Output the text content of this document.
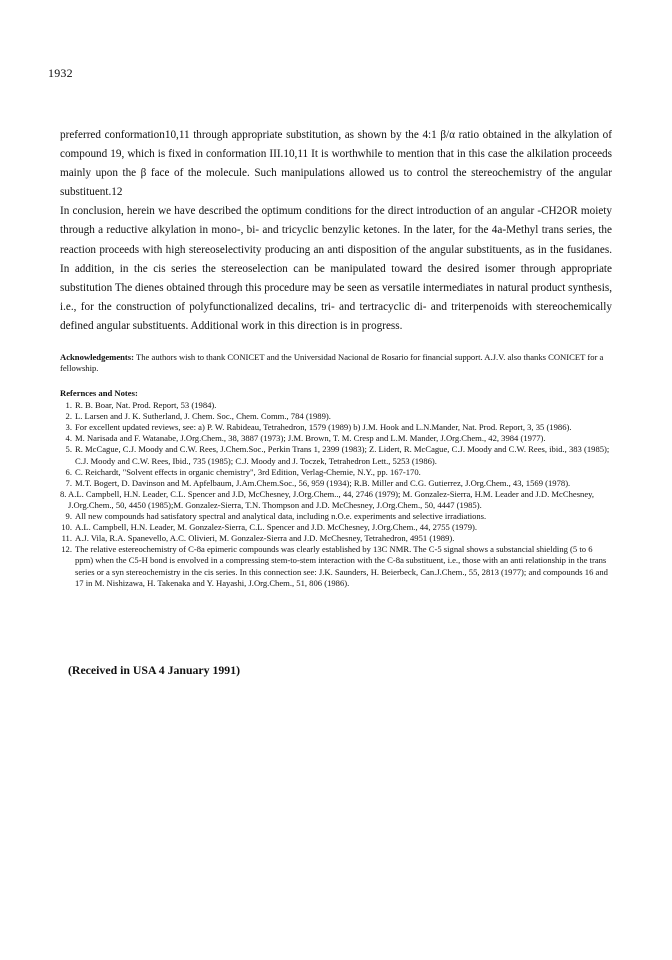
1932

preferred conformation10,11 through appropriate substitution, as shown by the 4:1 β/α ratio obtained in the alkylation of compound 19, which is fixed in conformation III.10,11 It is worthwhile to mention that in this case the alkilation proceeds mainly upon the β face of the molecule. Such manipulations allowed us to control the stereochemistry of the angular substituent.12

In conclusion, herein we have described the optimum conditions for the direct introduction of an angular -CH2OR moiety through a reductive alkylation in mono-, bi- and tricyclic benzylic ketones. In the later, for the 4a-Methyl trans series, the reaction proceeds with high stereoselectivity producing an anti disposition of the angular substituents, as in the fusidanes. In addition, in the cis series the stereoselection can be manipulated toward the desired isomer through appropriate substitution The dienes obtained through this procedure may be seen as versatile intermediates in natural product synthesis, i.e., for the construction of polyfunctionalized decalins, tri- and tertracyclic di- and triterpenoids with stereochemically defined angular substituents. Additional work in this direction is in progress.

Acknowledgements: The authors wish to thank CONICET and the Universidad Nacional de Rosario for financial support. A.J.V. also thanks CONICET for a fellowship.
Refernces and Notes:
1. R. B. Boar, Nat. Prod. Report, 53 (1984).
2. L. Larsen and J. K. Sutherland, J. Chem. Soc., Chem. Comm., 784 (1989).
3. For excellent updated reviews, see: a) P. W. Rabideau, Tetrahedron, 1579 (1989) b) J.M. Hook and L.N.Mander, Nat. Prod. Report, 3, 35 (1986).
4. M. Narisada and F. Watanabe, J.Org.Chem., 38, 3887 (1973); J.M. Brown, T. M. Cresp and L.M. Mander, J.Org.Chem., 42, 3984 (1977).
5. R. McCague, C.J. Moody and C.W. Rees, J.Chem.Soc., Perkin Trans 1, 2399 (1983); Z. Lidert, R. McCague, C.J. Moody and C.W. Rees, ibid., 383 (1985); C.J. Moody and C.W. Rees, Ibid., 735 (1985); C.J. Moody and J. Toczek, Tetrahedron Lett., 5253 (1986).
6. C. Reichardt, "Solvent effects in organic chemistry", 3rd Edition, Verlag-Chemie, N.Y., pp. 167-170.
7. M.T. Bogert, D. Davinson and M. Apfelbaum, J.Am.Chem.Soc., 56, 959 (1934); R.B. Miller and C.G. Gutierrez, J.Org.Chem., 43, 1569 (1978).
8. A.L. Campbell, H.N. Leader, C.L. Spencer and J.D, McChesney, J.Org.Chem.., 44, 2746 (1979); M. Gonzalez-Sierra, H.M. Leader and J.D. McChesney, J.Org.Chem., 50, 4450 (1985);M. Gonzalez-Sierra, T.N. Thompson and J.D. McChesney, J.Org.Chem., 50, 4447 (1985).
9. All new compounds had satisfatory spectral and analytical data, including n.O.e. experiments and selective irradiations.
10. A.L. Campbell, H.N. Leader, M. Gonzalez-Sierra, C.L. Spencer and J.D. McChesney, J.Org.Chem., 44, 2755 (1979).
11. A.J. Vila, R.A. Spanevello, A.C. Olivieri, M. Gonzalez-Sierra and J.D. McChesney, Tetrahedron, 4951 (1989).
12. The relative estereochemistry of C-8a epimeric compounds was clearly established by 13C NMR. The C-5 signal shows a substancial shielding (5 to 6 ppm) when the C5-H bond is envolved in a compressing stem-to-stem interaction with the C-8a substituent, i.e., those with an anti relationship in the trans series or a syn stereochemistry in the cis series. In this connection see: J.K. Saunders, H. Beierbeck, Can.J.Chem., 55, 2813 (1977); and compounds 16 and 17 in M. Nishizawa, H. Takenaka and Y. Hayashi, J.Org.Chem., 51, 806 (1986).
(Received in USA 4 January 1991)
